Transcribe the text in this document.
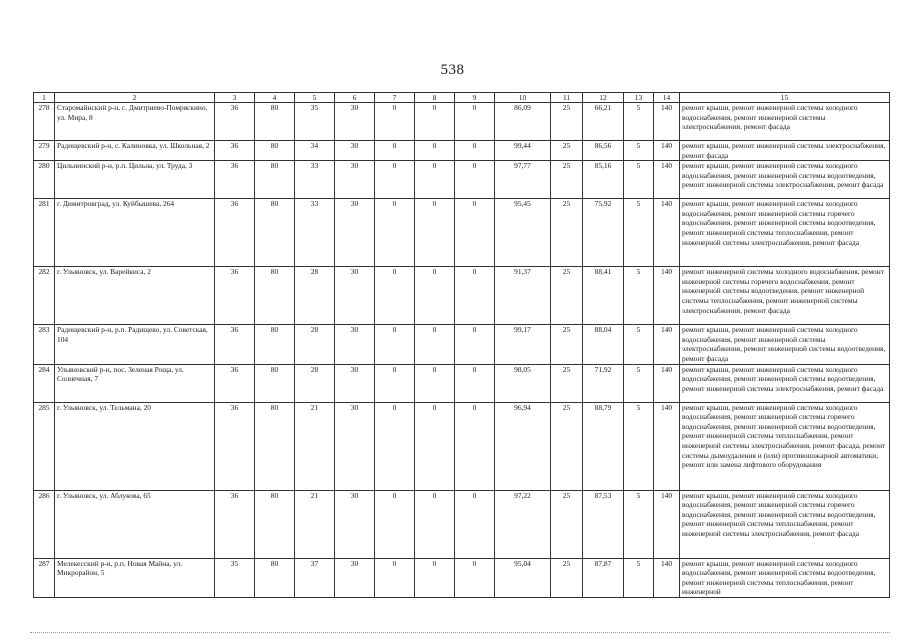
538
1	2	3	4	5	6	7	8	9	10	11	12	13	14	15
278	Старомайнский р-н, с. Дмитриево-Помряскино, ул. Мира, 8	36	80	35	30	0	0	0	86,09	25	66,21	5	140	ремонт крыши, ремонт инженерной системы холодного водоснабжения, ремонт инженерной системы электроснабжения, ремонт фасада
279	Радищевский р-н, с. Калиновка, ул. Школьная, 2	36	80	34	30	0	0	0	99,44	25	86,56	5	140	ремонт крыши, ремонт инженерной системы электроснабжения, ремонт фасада
280	Цильнинский р-н, р.п. Цильна, ул. Труда, 3	36	80	33	30	0	0	0	97,77	25	85,16	5	140	ремонт крыши, ремонт инженерной системы холодного водоснабжения, ремонт инженерной системы водоотведения, ремонт инженерной системы электроснабжения, ремонт фасада
281	г. Димитровград, ул. Куйбышева, 264	36	80	33	30	0	0	0	95,45	25	75,92	5	140	ремонт крыши, ремонт инженерной системы холодного водоснабжения, ремонт инженерной системы горячего водоснабжения, ремонт инженерной системы водоотведения, ремонт инженерной системы теплоснабжения, ремонт инженерной системы электроснабжения, ремонт фасада
282	г. Ульяновск, ул. Варейкиса, 2	36	80	28	30	0	0	0	91,37	25	88,41	5	140	ремонт инженерной системы холодного водоснабжения, ремонт инженерной системы горячего водоснабжения, ремонт инженерной системы водоотведения, ремонт инженерной системы теплоснабжения, ремонт инженерной системы электроснабжения, ремонт фасада
283	Радищевский р-н, р.п. Радищево, ул. Советская, 104	36	80	28	30	0	0	0	99,17	25	88,04	5	140	ремонт крыши, ремонт инженерной системы холодного водоснабжения, ремонт инженерной системы электроснабжения, ремонт инженерной системы водоотведения, ремонт фасада
284	Ульяновский р-н, пос. Зеленая Роща, ул. Солнечная, 7	36	80	28	30	0	0	0	98,05	25	71,92	5	140	ремонт крыши, ремонт инженерной системы холодного водоснабжения, ремонт инженерной системы водоотведения, ремонт инженерной системы электроснабжения, ремонт фасада
285	г. Ульяновск, ул. Тельмана, 20	36	80	21	30	0	0	0	96,94	25	88,79	5	140	ремонт крыши, ремонт инженерной системы холодного водоснабжения, ремонт инженерной системы горячего водоснабжения, ремонт инженерной системы водоотведения, ремонт инженерной системы теплоснабжения, ремонт инженерной системы электроснабжения, ремонт фасада, ремонт системы дымоудаления и (или) противопожарной автоматики, ремонт или замена лифтового оборудования
286	г. Ульяновск, ул. Аблукова, 65	36	80	21	30	0	0	0	97,22	25	87,53	5	140	ремонт крыши, ремонт инженерной системы холодного водоснабжения, ремонт инженерной системы горячего водоснабжения, ремонт инженерной системы водоотведения, ремонт инженерной системы теплоснабжения, ремонт инженерной системы электроснабжения, ремонт фасада
287	Мелекесский р-н, р.п. Новая Майна, ул. Микрорайон, 5	35	80	37	30	0	0	0	95,04	25	87,87	5	140	ремонт крыши, ремонт инженерной системы холодного водоснабжения, ремонт инженерной системы водоотведения, ремонт инженерной системы теплоснабжения, ремонт инженерной
